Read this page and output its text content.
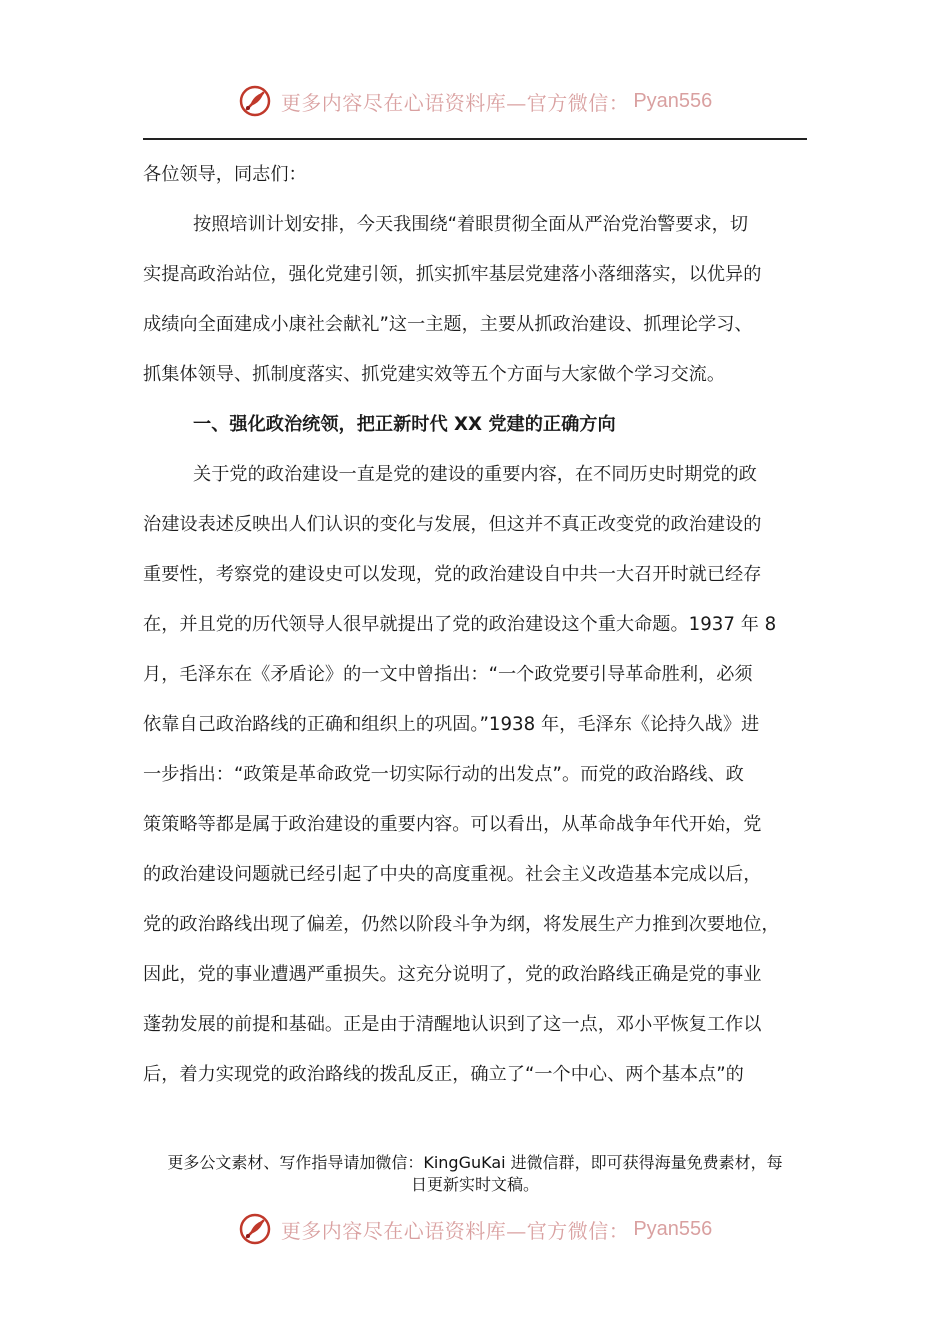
更多内容尽在心语资料库—官方微信： Pyan556

各位领导，同志们：

按照培训计划安排，今天我围绕“着眼贯彻全面从严治党治警要求，切

实提高政治站位，强化党建引领，抓实抓牢基层党建落小落细落实，以优异的

成绩向全面建成小康社会献礼”这一主题，主要从抓政治建设、抓理论学习、

抓集体领导、抓制度落实、抓党建实效等五个方面与大家做个学习交流。

一、强化政治统领，把正新时代 XX 党建的正确方向

关于党的政治建设一直是党的建设的重要内容，在不同历史时期党的政

治建设表述反映出人们认识的变化与发展，但这并不真正改变党的政治建设的

重要性，考察党的建设史可以发现，党的政治建设自中共一大召开时就已经存

在，并且党的历代领导人很早就提出了党的政治建设这个重大命题。1937 年 8

月，毛泽东在《矛盾论》的一文中曾指出：“一个政党要引导革命胜利，必须

依靠自己政治路线的正确和组织上的巩固。”1938 年，毛泽东《论持久战》进

一步指出：“政策是革命政党一切实际行动的出发点”。而党的政治路线、政

策策略等都是属于政治建设的重要内容。可以看出，从革命战争年代开始，党

的政治建设问题就已经引起了中央的高度重视。社会主义改造基本完成以后，

党的政治路线出现了偏差，仍然以阶段斗争为纲，将发展生产力推到次要地位，

因此，党的事业遭遇严重损失。这充分说明了，党的政治路线正确是党的事业

蓬勃发展的前提和基础。正是由于清醒地认识到了这一点，邓小平恢复工作以

后，着力实现党的政治路线的拨乱反正，确立了“一个中心、两个基本点”的

更多公文素材、写作指导请加微信：KingGuKai 进微信群，即可获得海量免费素材，每
日更新实时文稿。
更多内容尽在心语资料库—官方微信： Pyan556
